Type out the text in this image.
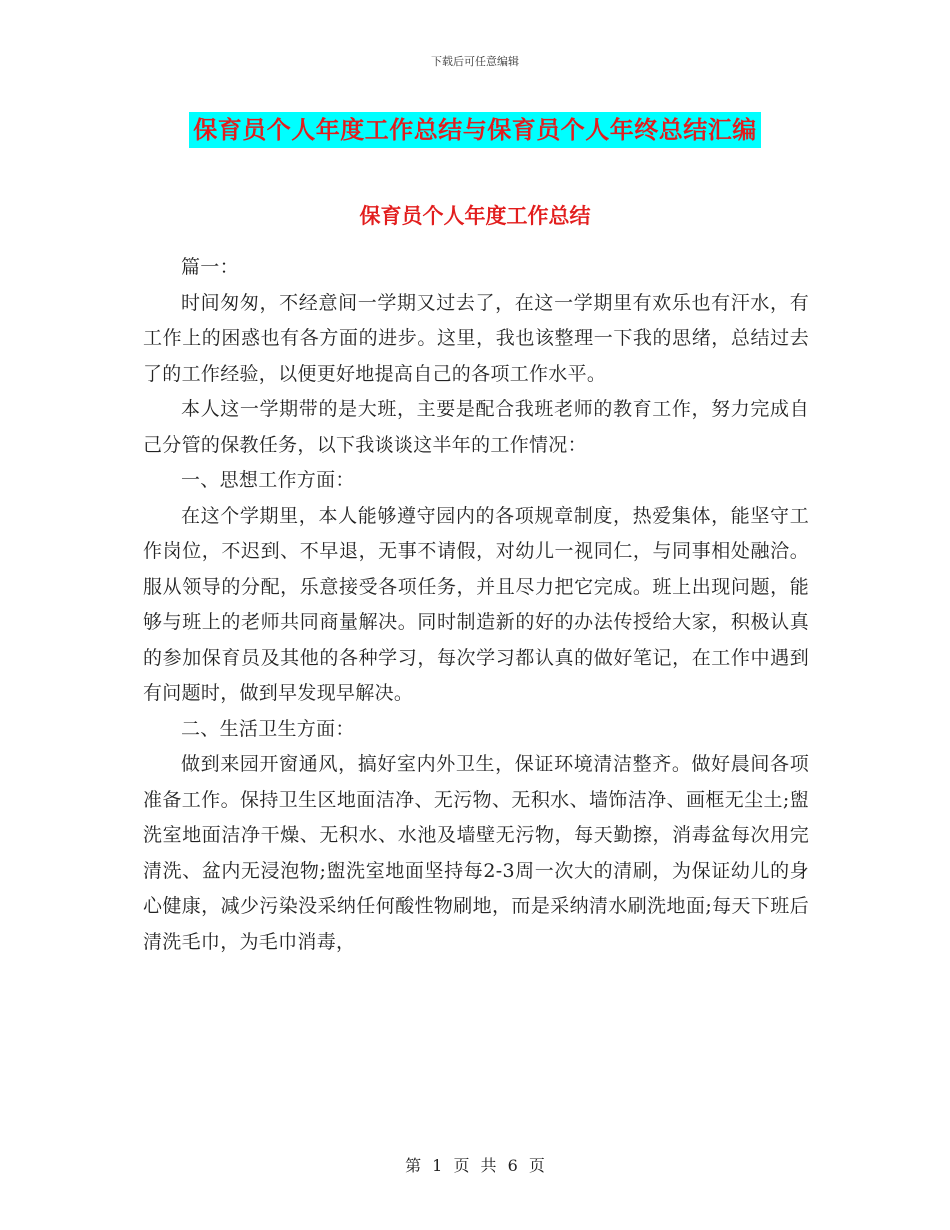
下载后可任意编辑
保育员个人年度工作总结与保育员个人年终总结汇编
保育员个人年度工作总结

篇一：

时间匆匆，不经意间一学期又过去了，在这一学期里有欢乐也有汗水，有工作上的困惑也有各方面的进步。这里，我也该整理一下我的思绪，总结过去了的工作经验，以便更好地提高自己的各项工作水平。

本人这一学期带的是大班，主要是配合我班老师的教育工作，努力完成自己分管的保教任务，以下我谈谈这半年的工作情况：

一、思想工作方面：

在这个学期里，本人能够遵守园内的各项规章制度，热爱集体，能坚守工作岗位，不迟到、不早退，无事不请假，对幼儿一视同仁，与同事相处融洽。服从领导的分配，乐意接受各项任务，并且尽力把它完成。班上出现问题，能够与班上的老师共同商量解决。同时制造新的好的办法传授给大家，积极认真的参加保育员及其他的各种学习，每次学习都认真的做好笔记，在工作中遇到有问题时，做到早发现早解决。

二、生活卫生方面：

做到来园开窗通风，搞好室内外卫生，保证环境清洁整齐。做好晨间各项准备工作。保持卫生区地面洁净、无污物、无积水、墙饰洁净、画框无尘土;盥洗室地面洁净干燥、无积水、水池及墙壁无污物，每天勤擦，消毒盆每次用完清洗、盆内无浸泡物;盥洗室地面坚持每2-3周一次大的清刷，为保证幼儿的身心健康，减少污染没采纳任何酸性物刷地，而是采纳清水刷洗地面;每天下班后清洗毛巾，为毛巾消毒，

第 1 页 共 6 页
